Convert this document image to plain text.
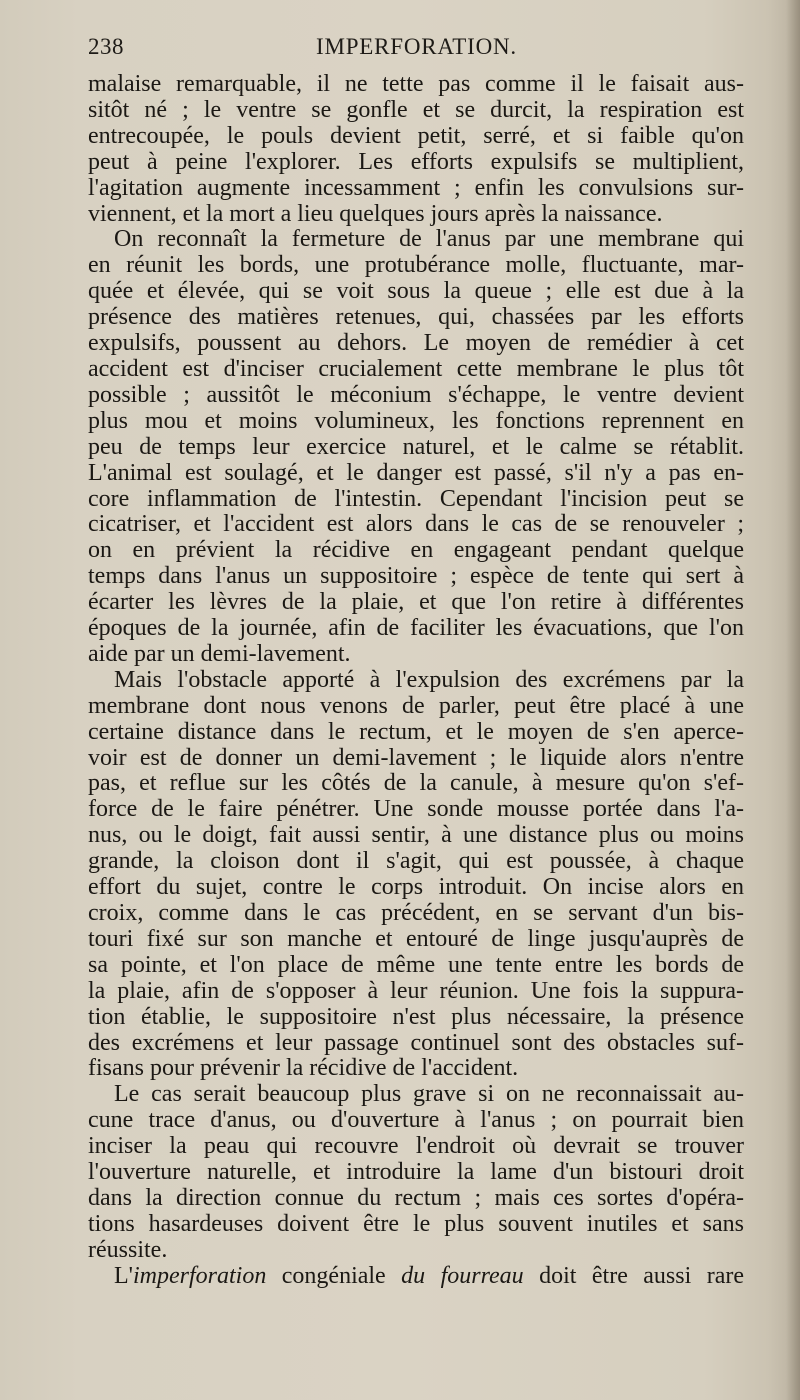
238	IMPERFORATION.
malaise remarquable, il ne tette pas comme il le faisait aus-
sitôt né ; le ventre se gonfle et se durcit, la respiration est
entrecoupée, le pouls devient petit, serré, et si faible qu'on
peut à peine l'explorer. Les efforts expulsifs se multiplient,
l'agitation augmente incessamment ; enfin les convulsions sur-
viennent, et la mort a lieu quelques jours après la naissance.
On reconnaît la fermeture de l'anus par une membrane qui
en réunit les bords, une protubérance molle, fluctuante, mar-
quée et élevée, qui se voit sous la queue ; elle est due à la
présence des matières retenues, qui, chassées par les efforts
expulsifs, poussent au dehors. Le moyen de remédier à cet
accident est d'inciser crucialement cette membrane le plus tôt
possible ; aussitôt le méconium s'échappe, le ventre devient
plus mou et moins volumineux, les fonctions reprennent en
peu de temps leur exercice naturel, et le calme se rétablit.
L'animal est soulagé, et le danger est passé, s'il n'y a pas en-
core inflammation de l'intestin. Cependant l'incision peut se
cicatriser, et l'accident est alors dans le cas de se renouveler ;
on en prévient la récidive en engageant pendant quelque
temps dans l'anus un suppositoire ; espèce de tente qui sert à
écarter les lèvres de la plaie, et que l'on retire à différentes
époques de la journée, afin de faciliter les évacuations, que l'on
aide par un demi-lavement.
Mais l'obstacle apporté à l'expulsion des excrémens par la
membrane dont nous venons de parler, peut être placé à une
certaine distance dans le rectum, et le moyen de s'en aperce-
voir est de donner un demi-lavement ; le liquide alors n'entre
pas, et reflue sur les côtés de la canule, à mesure qu'on s'ef-
force de le faire pénétrer. Une sonde mousse portée dans l'a-
nus, ou le doigt, fait aussi sentir, à une distance plus ou moins
grande, la cloison dont il s'agit, qui est poussée, à chaque
effort du sujet, contre le corps introduit. On incise alors en
croix, comme dans le cas précédent, en se servant d'un bis-
touri fixé sur son manche et entouré de linge jusqu'auprès de
sa pointe, et l'on place de même une tente entre les bords de
la plaie, afin de s'opposer à leur réunion. Une fois la suppura-
tion établie, le suppositoire n'est plus nécessaire, la présence
des excrémens et leur passage continuel sont des obstacles suf-
fisans pour prévenir la récidive de l'accident.
Le cas serait beaucoup plus grave si on ne reconnaissait au-
cune trace d'anus, ou d'ouverture à l'anus ; on pourrait bien
inciser la peau qui recouvre l'endroit où devrait se trouver
l'ouverture naturelle, et introduire la lame d'un bistouri droit
dans la direction connue du rectum ; mais ces sortes d'opéra-
tions hasardeuses doivent être le plus souvent inutiles et sans
réussite.
L'imperforation congéniale du fourreau doit être aussi rare
